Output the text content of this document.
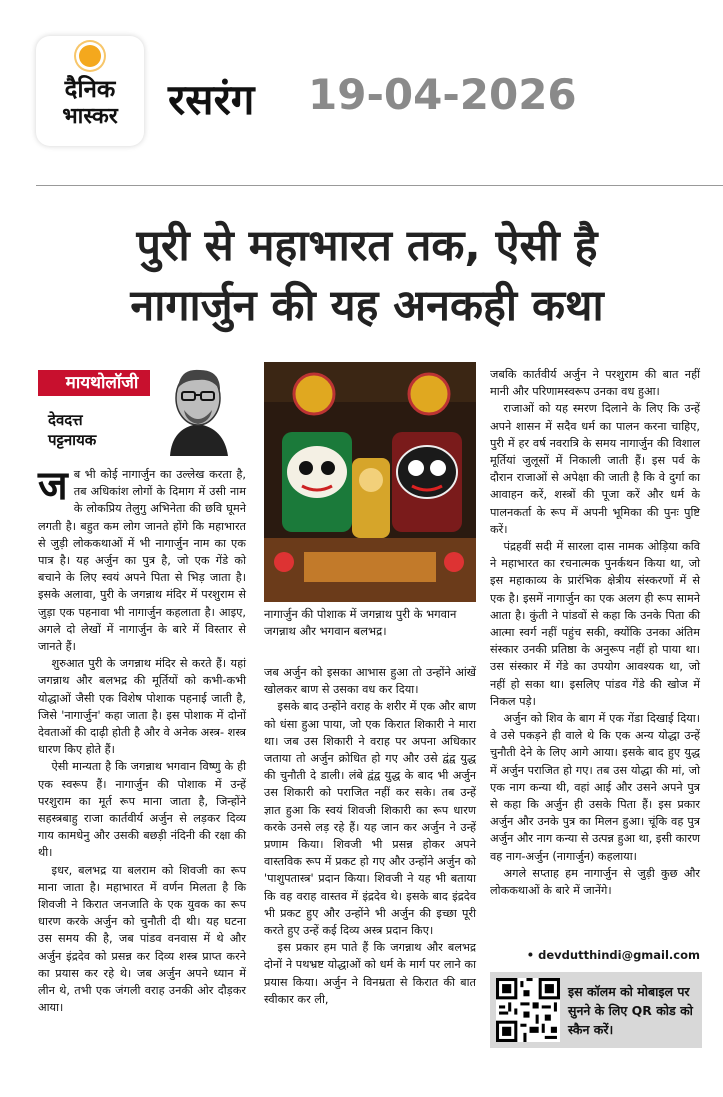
दैनिक
भास्कर	रसरंग 19-04-2026
पुरी से महाभारत तक, ऐसी है
नागार्जुन की यह अनकही कथा
मायथोलॉजी
देवदत्त
पट्टनायक
नागार्जुन की पोशाक में जगन्नाथ पुरी के भगवान जगन्नाथ और भगवान बलभद्र।
ज ब भी कोई नागार्जुन का उल्लेख करता है, तब अधिकांश लोगों के दिमाग में उसी नाम के लोकप्रिय तेलुगु अभिनेता की छवि घूमने लगती है। बहुत कम लोग जानते होंगे कि महाभारत से जुड़ी लोककथाओं में भी नागार्जुन नाम का एक पात्र है। यह अर्जुन का पुत्र है, जो एक गेंडे को बचाने के लिए स्वयं अपने पिता से भिड़ जाता है। इसके अलावा, पुरी के जगन्नाथ मंदिर में परशुराम से जुड़ा एक पहनावा भी नागार्जुन कहलाता है। आइए, अगले दो लेखों में नागार्जुन के बारे में विस्तार से जानते हैं।

शुरुआत पुरी के जगन्नाथ मंदिर से करते हैं। यहां जगन्नाथ और बलभद्र की मूर्तियों को कभी-कभी योद्धाओं जैसी एक विशेष पोशाक पहनाई जाती है, जिसे 'नागार्जुन' कहा जाता है। इस पोशाक में दोनों देवताओं की दाढ़ी होती है और वे अनेक अस्त्र- शस्त्र धारण किए होते हैं।

ऐसी मान्यता है कि जगन्नाथ भगवान विष्णु के ही एक स्वरूप हैं। नागार्जुन की पोशाक में उन्हें परशुराम का मूर्त रूप माना जाता है, जिन्होंने सहस्त्रबाहु राजा कार्तवीर्य अर्जुन से लड़कर दिव्य गाय कामधेनु और उसकी बछड़ी नंदिनी की रक्षा की थी।

इधर, बलभद्र या बलराम को शिवजी का रूप माना जाता है। महाभारत में वर्णन मिलता है कि शिवजी ने किरात जनजाति के एक युवक का रूप धारण करके अर्जुन को चुनौती दी थी। यह घटना उस समय की है, जब पांडव वनवास में थे और अर्जुन इंद्रदेव को प्रसन्न कर दिव्य शस्त्र प्राप्त करने का प्रयास कर रहे थे। जब अर्जुन अपने ध्यान में लीन थे, तभी एक जंगली वराह उनकी ओर दौड़कर आया।

जब अर्जुन को इसका आभास हुआ तो उन्होंने आंखें खोलकर बाण से उसका वध कर दिया।

इसके बाद उन्होंने वराह के शरीर में एक और बाण को धंसा हुआ पाया, जो एक किरात शिकारी ने मारा था। जब उस शिकारी ने वराह पर अपना अधिकार जताया तो अर्जुन क्रोधित हो गए और उसे द्वंद्व युद्ध की चुनौती दे डाली। लंबे द्वंद्व युद्ध के बाद भी अर्जुन उस शिकारी को पराजित नहीं कर सके। तब उन्हें ज्ञात हुआ कि स्वयं शिवजी शिकारी का रूप धारण करके उनसे लड़ रहे हैं। यह जान कर अर्जुन ने उन्हें प्रणाम किया। शिवजी भी प्रसन्न होकर अपने वास्तविक रूप में प्रकट हो गए और उन्होंने अर्जुन को 'पाशुपतास्त्र' प्रदान किया। शिवजी ने यह भी बताया कि वह वराह वास्तव में इंद्रदेव थे। इसके बाद इंद्रदेव भी प्रकट हुए और उन्होंने भी अर्जुन की इच्छा पूरी करते हुए उन्हें कई दिव्य अस्त्र प्रदान किए।

इस प्रकार हम पाते हैं कि जगन्नाथ और बलभद्र दोनों ने पथभ्रष्ट योद्धाओं को धर्म के मार्ग पर लाने का प्रयास किया। अर्जुन ने विनम्रता से किरात की बात स्वीकार कर ली,

जबकि कार्तवीर्य अर्जुन ने परशुराम की बात नहीं मानी और परिणामस्वरूप उनका वध हुआ।

राजाओं को यह स्मरण दिलाने के लिए कि उन्हें अपने शासन में सदैव धर्म का पालन करना चाहिए, पुरी में हर वर्ष नवरात्रि के समय नागार्जुन की विशाल मूर्तियां जुलूसों में निकाली जाती हैं। इस पर्व के दौरान राजाओं से अपेक्षा की जाती है कि वे दुर्गा का आवाहन करें, शस्त्रों की पूजा करें और धर्म के पालनकर्ता के रूप में अपनी भूमिका की पुनः पुष्टि करें।

पंद्रहवीं सदी में सारला दास नामक ओड़िया कवि ने महाभारत का रचनात्मक पुनर्कथन किया था, जो इस महाकाव्य के प्रारंभिक क्षेत्रीय संस्करणों में से एक है। इसमें नागार्जुन का एक अलग ही रूप सामने आता है। कुंती ने पांडवों से कहा कि उनके पिता की आत्मा स्वर्ग नहीं पहुंच सकी, क्योंकि उनका अंतिम संस्कार उनकी प्रतिष्ठा के अनुरूप नहीं हो पाया था। उस संस्कार में गेंडे का उपयोग आवश्यक था, जो नहीं हो सका था। इसलिए पांडव गेंडे की खोज में निकल पड़े।

अर्जुन को शिव के बाग में एक गेंडा दिखाई दिया। वे उसे पकड़ने ही वाले थे कि एक अन्य योद्धा उन्हें चुनौती देने के लिए आगे आया। इसके बाद हुए युद्ध में अर्जुन पराजित हो गए। तब उस योद्धा की मां, जो एक नाग कन्या थी, वहां आई और उसने अपने पुत्र से कहा कि अर्जुन ही उसके पिता हैं। इस प्रकार अर्जुन और उनके पुत्र का मिलन हुआ। चूंकि वह पुत्र अर्जुन और नाग कन्या से उत्पन्न हुआ था, इसी कारण वह नाग-अर्जुन (नागार्जुन) कहलाया।

अगले सप्ताह हम नागार्जुन से जुड़ी कुछ और लोककथाओं के बारे में जानेंगे।

• devdutthindi@gmail.com
इस कॉलम को मोबाइल पर सुनने के लिए QR कोड को स्कैन करें।
